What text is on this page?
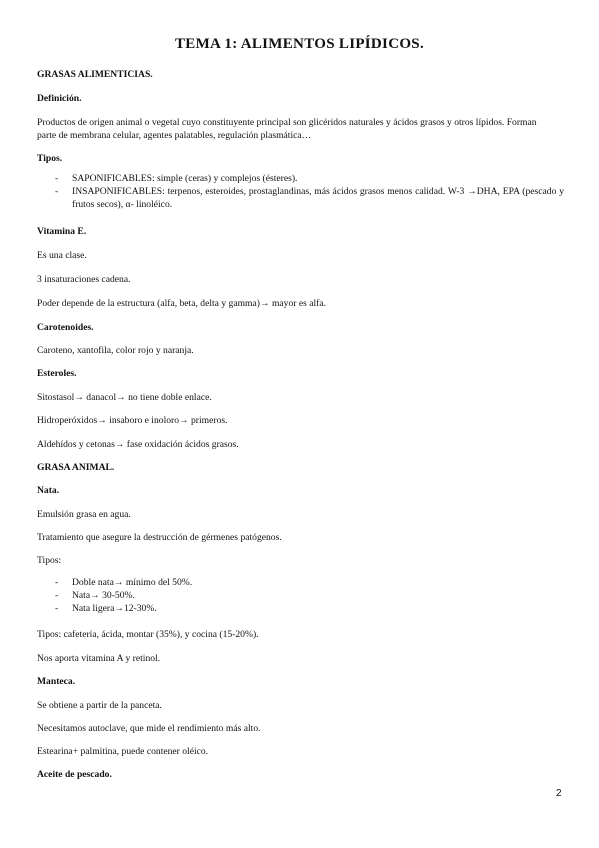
TEMA 1: ALIMENTOS LIPÍDICOS.
GRASAS ALIMENTICIAS.
Definición.
Productos de origen animal o vegetal cuyo constituyente principal son glicéridos naturales y ácidos grasos y otros lípidos. Forman
parte de membrana celular, agentes palatables, regulación plasmática…
Tipos.
- SAPONIFICABLES: simple (ceras) y complejos (ésteres).
- INSAPONIFICABLES: terpenos, esteroides, prostaglandinas, más ácidos grasos menos calidad. W-3 →DHA, EPA (pescado y frutos secos), α- linoléico.
Vitamina E.
Es una clase.
3 insaturaciones cadena.
Poder depende de la estructura (alfa, beta, delta y gamma)→ mayor es alfa.
Carotenoides.
Caroteno, xantofila, color rojo y naranja.
Esteroles.
Sitostasol→ danacol→ no tiene doble enlace.
Hidroperóxidos→ insaboro e inoloro→ primeros.
Aldehídos y cetonas→ fase oxidación ácidos grasos.
GRASA ANIMAL.
Nata.
Emulsión grasa en agua.
Tratamiento que asegure la destrucción de gérmenes patógenos.
Tipos:
- Doble nata→ mínimo del 50%.
- Nata→ 30-50%.
- Nata ligera→12-30%.
Tipos: cafetería, ácida, montar (35%), y cocina (15-20%).
Nos aporta vitamina A y retinol.
Manteca.
Se obtiene a partir de la panceta.
Necesitamos autoclave, que mide el rendimiento más alto.
Estearina+ palmitina, puede contener oléico.
Aceite de pescado.
2
